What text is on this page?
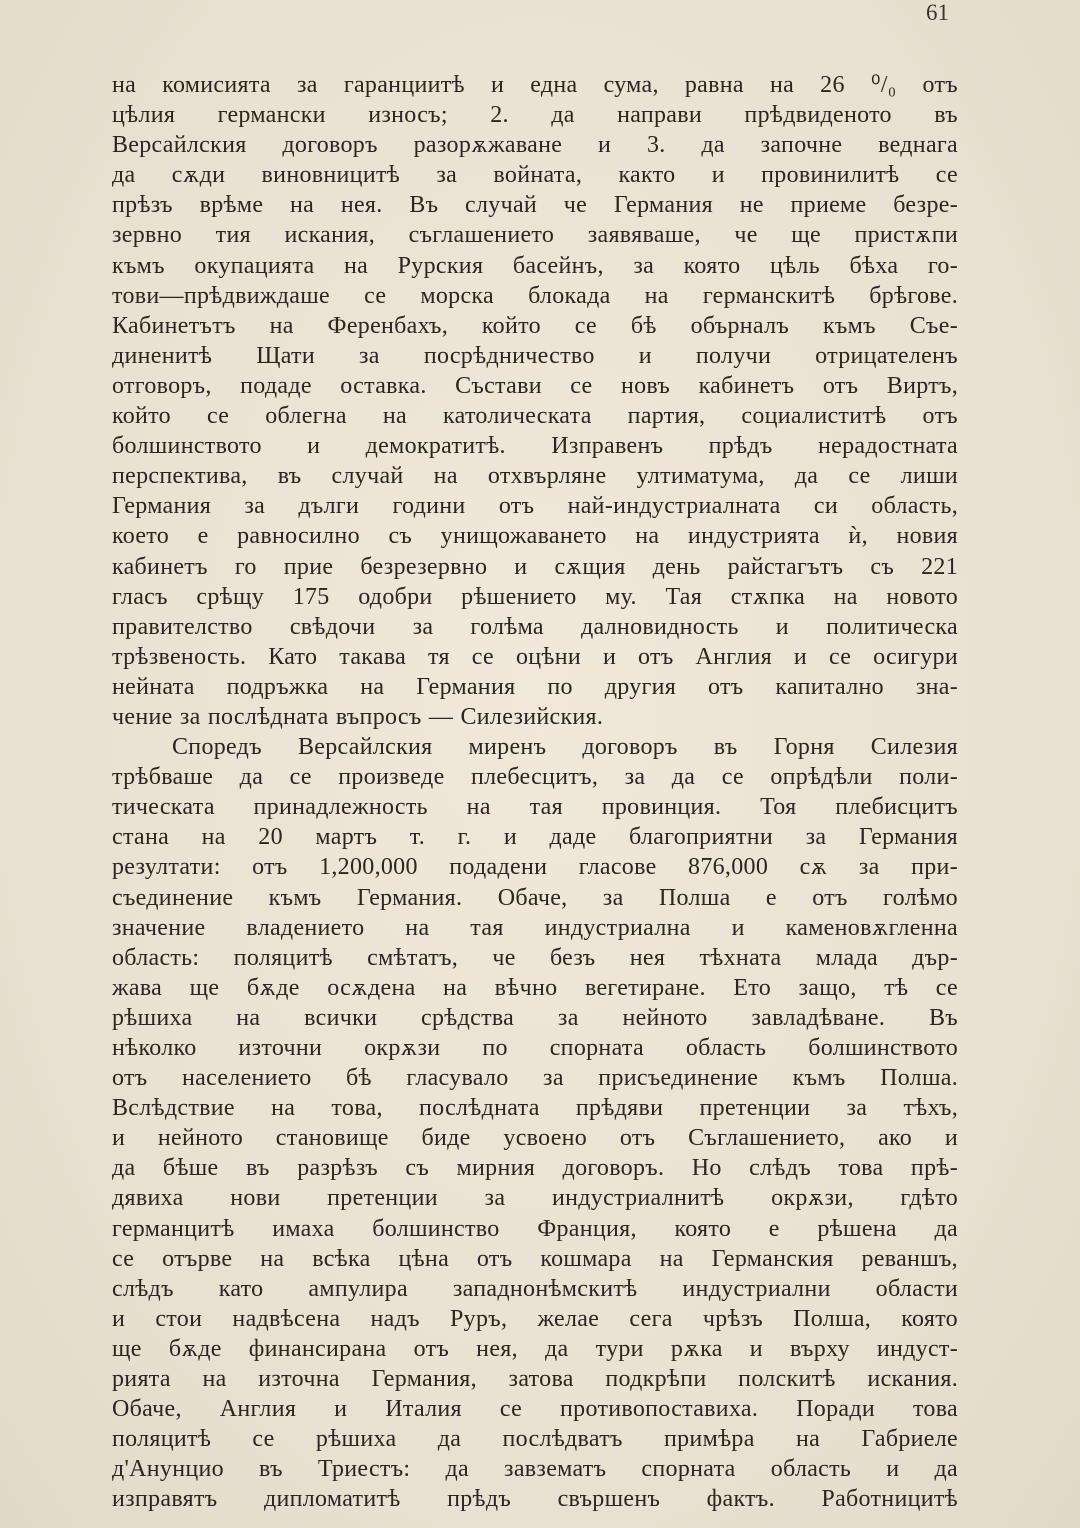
61
на комисията за гаранциитѣ и една сума, равна на 26 ⁰/₀ отъ
цѣлия германски износъ; 2. да направи прѣдвиденото въ
Версайлския договоръ разорѫжаване и 3. да започне веднага
да сѫди виновницитѣ за войната, както и провинилитѣ се
прѣзъ врѣме на нея. Въ случай че Германия не приеме безре-
зервно тия искания, съглашението заявяваше, че ще пристѫпи
къмъ окупацията на Рурския басейнъ, за която цѣль бѣха го-
тови—прѣдвиждаше се морска блокада на германскитѣ брѣгове.
Кабинетътъ на Ференбахъ, който се бѣ обърналъ къмъ Съе-
диненитѣ Щати за посрѣдничество и получи отрицателенъ
отговоръ, подаде оставка. Състави се новъ кабинетъ отъ Виртъ,
който се облегна на католическата партия, социалиститѣ отъ
болшинството и демократитѣ. Изправенъ прѣдъ нерадостната
перспектива, въ случай на отхвърляне ултиматума, да се лиши
Германия за дълги години отъ най-индустриалната си область,
което е равносилно съ унищожаването на индустрията ѝ, новия
кабинетъ го прие безрезервно и сѫщия день райстагътъ съ 221
гласъ срѣщу 175 одобри рѣшението му. Тая стѫпка на новото
правителство свѣдочи за голѣма далновидность и политическа
трѣзвеность. Като такава тя се оцѣни и отъ Англия и се осигури
нейната подръжка на Германия по другия отъ капитално зна-
чение за послѣдната въпросъ — Силезийския.
Споредъ Версайлския миренъ договоръ въ Горня Силезия
трѣбваше да се произведе плебесцитъ, за да се опрѣдѣли поли-
тическата принадлежность на тая провинция. Тоя плебисцитъ
стана на 20 мартъ т. г. и даде благоприятни за Германия
резултати: отъ 1,200,000 подадени гласове 876,000 сѫ за при-
съединение къмъ Германия. Обаче, за Полша е отъ голѣмо
значение владението на тая индустриална и каменовѫгленна
область: поляцитѣ смѣтатъ, че безъ нея тѣхната млада дър-
жава ще бѫде осѫдена на вѣчно вегетиране. Ето защо, тѣ се
рѣшиха на всички срѣдства за нейното завладѣване. Въ
нѣколко източни окрѫзи по спорната область болшинството
отъ населението бѣ гласувало за присъединение къмъ Полша.
Вслѣдствие на това, послѣдната прѣдяви претенции за тѣхъ,
и нейното становище биде усвоено отъ Съглашението, ако и
да бѣше въ разрѣзъ съ мирния договоръ. Но слѣдъ това прѣ-
дявиха нови претенции за индустриалнитѣ окрѫзи, гдѣто
германцитѣ имаха болшинство Франция, която е рѣшена да
се отърве на всѣка цѣна отъ кошмара на Германския реваншъ,
слѣдъ като ампулира западнонѣмскитѣ индустриални области
и стои надвѣсена надъ Руръ, желае сега чрѣзъ Полша, която
ще бѫде финансирана отъ нея, да тури рѫка и върху индуст-
рията на източна Германия, затова подкрѣпи полскитѣ искания.
Обаче, Англия и Италия се противопоставиха. Поради това
поляцитѣ се рѣшиха да послѣдватъ примѣра на Габриеле
д'Анунцио въ Триестъ: да завзематъ спорната область и да
изправятъ дипломатитѣ прѣдъ свършенъ фактъ. Работницитѣ
